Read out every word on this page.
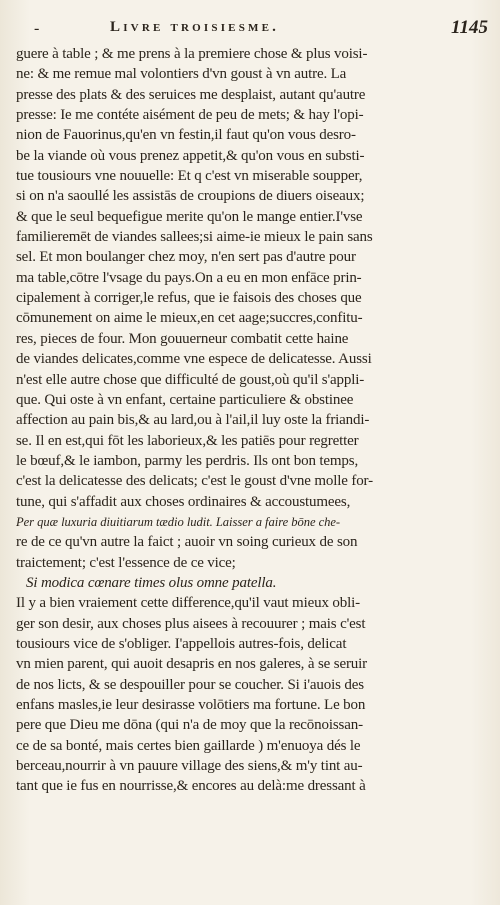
-	Livre troisiesme.	1145
guere à table ; & me prens à la premiere chose & plus voisi-
ne: & me remue mal volontiers d'vn goust à vn autre. La
presse des plats & des seruices me desplaist, autant qu'autre
presse: Ie me contéte aisément de peu de mets; & hay l'opi-
nion de Fauorinus,qu'en vn festin,il faut qu'on vous desro-
be la viande où vous prenez appetit,& qu'on vous en substi-
tue tousiours vne nouuelle: Et q c'est vn miserable soupper,
si on n'a saoullé les assistās de croupions de diuers oiseaux;
& que le seul bequefigue merite qu'on le mange entier.I'vse
familieremēt de viandes sallees;si aime-ie mieux le pain sans
sel. Et mon boulanger chez moy, n'en sert pas d'autre pour
ma table,cōtre l'vsage du pays.On a eu en mon enfāce prin-
cipalement à corriger,le refus, que ie faisois des choses que
cōmunement on aime le mieux,en cet aage;succres,confitu-
res, pieces de four. Mon gouuerneur combatit cette haine
de viandes delicates,comme vne espece de delicatesse. Aussi
n'est elle autre chose que difficulté de goust,où qu'il s'appli-
que. Qui oste à vn enfant, certaine particuliere & obstinee
affection au pain bis,& au lard,ou à l'ail,il luy oste la friandi-
se. Il en est,qui fōt les laborieux,& les patiēs pour regretter
le bœuf,& le iambon, parmy les perdris. Ils ont bon temps,
c'est la delicatesse des delicats; c'est le goust d'vne molle for-
tune, qui s'affadit aux choses ordinaires & accoustumees,
Per quæ luxuria diuitiarum tædio ludit. Laisser a faire bōne che-
re de ce qu'vn autre la faict ; auoir vn soing curieux de son
traictement; c'est l'essence de ce vice;
Si modica cœnare times olus omne patella.
Il y a bien vraiement cette difference,qu'il vaut mieux obli-
ger son desir, aux choses plus aisees à recouurer ; mais c'est
tousiours vice de s'obliger. I'appellois autres-fois, delicat
vn mien parent, qui auoit desapris en nos galeres, à se seruir
de nos licts, & se despouiller pour se coucher. Si i'auois des
enfans masles,ie leur desirasse volōtiers ma fortune. Le bon
pere que Dieu me dōna (qui n'a de moy que la recōnoissan-
ce de sa bonté, mais certes bien gaillarde ) m'enuoya dés le
berceau,nourrir à vn pauure village des siens,& m'y tint au-
tant que ie fus en nourrisse,& encores au delà:me dressant à
